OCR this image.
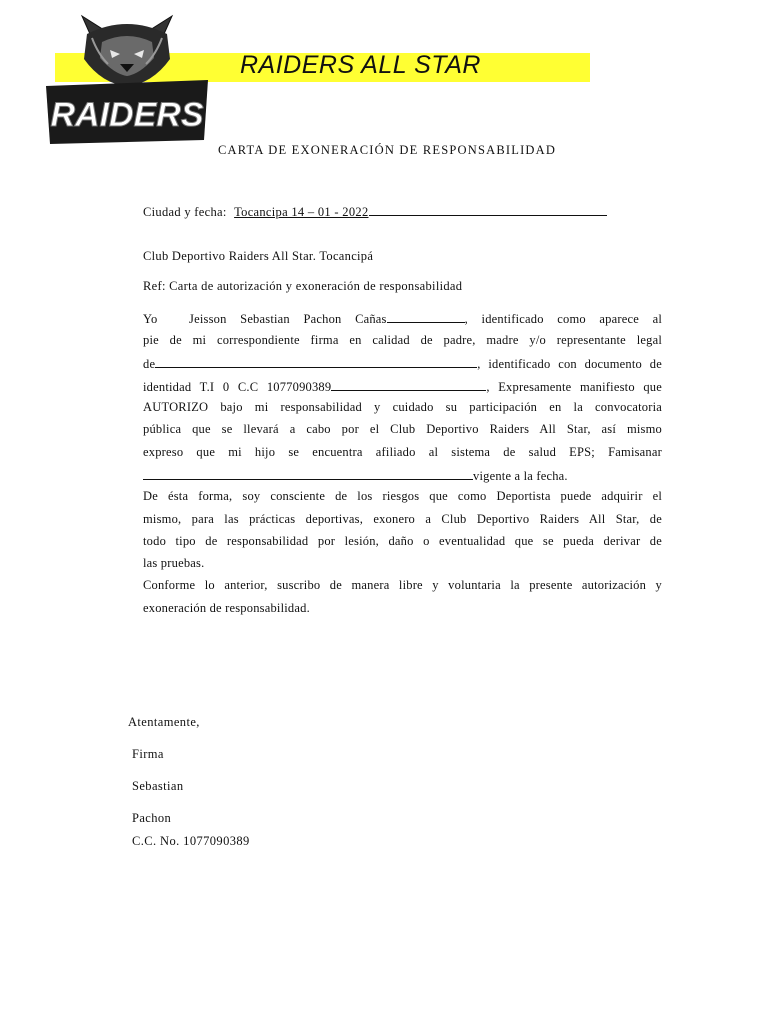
RAIDERS
RAIDERS ALL STAR
CARTA DE EXONERACIÓN DE RESPONSABILIDAD
Ciudad y fecha: Tocancipa 14 – 01 - 2022
Club Deportivo Raiders All Star. Tocancipá
Ref: Carta de autorización y exoneración de responsabilidad
Yo	Jeisson Sebastian Pachon Cañas	, identificado como aparece al
pie de mi correspondiente firma en calidad de padre, madre y/o representante legal
de	, identificado con documento de
identidad T.I 0 C.C 1077090389	, Expresamente manifiesto que
AUTORIZO bajo mi responsabilidad y cuidado su participación en la convocatoria
pública que se llevará a cabo por el Club Deportivo Raiders All Star, así mismo
expreso que mi hijo se encuentra afiliado al sistema de salud EPS; Famisanar
vigente a la fecha.
De ésta forma, soy consciente de los riesgos que como Deportista puede adquirir el
mismo, para las prácticas deportivas, exonero a Club Deportivo Raiders All Star, de
todo tipo de responsabilidad por lesión, daño o eventualidad que se pueda derivar de
las pruebas.
Conforme lo anterior, suscribo de manera libre y voluntaria la presente autorización y
exoneración de responsabilidad.
Atentamente,
Firma
Sebastian
Pachon
C.C. No. 1077090389
